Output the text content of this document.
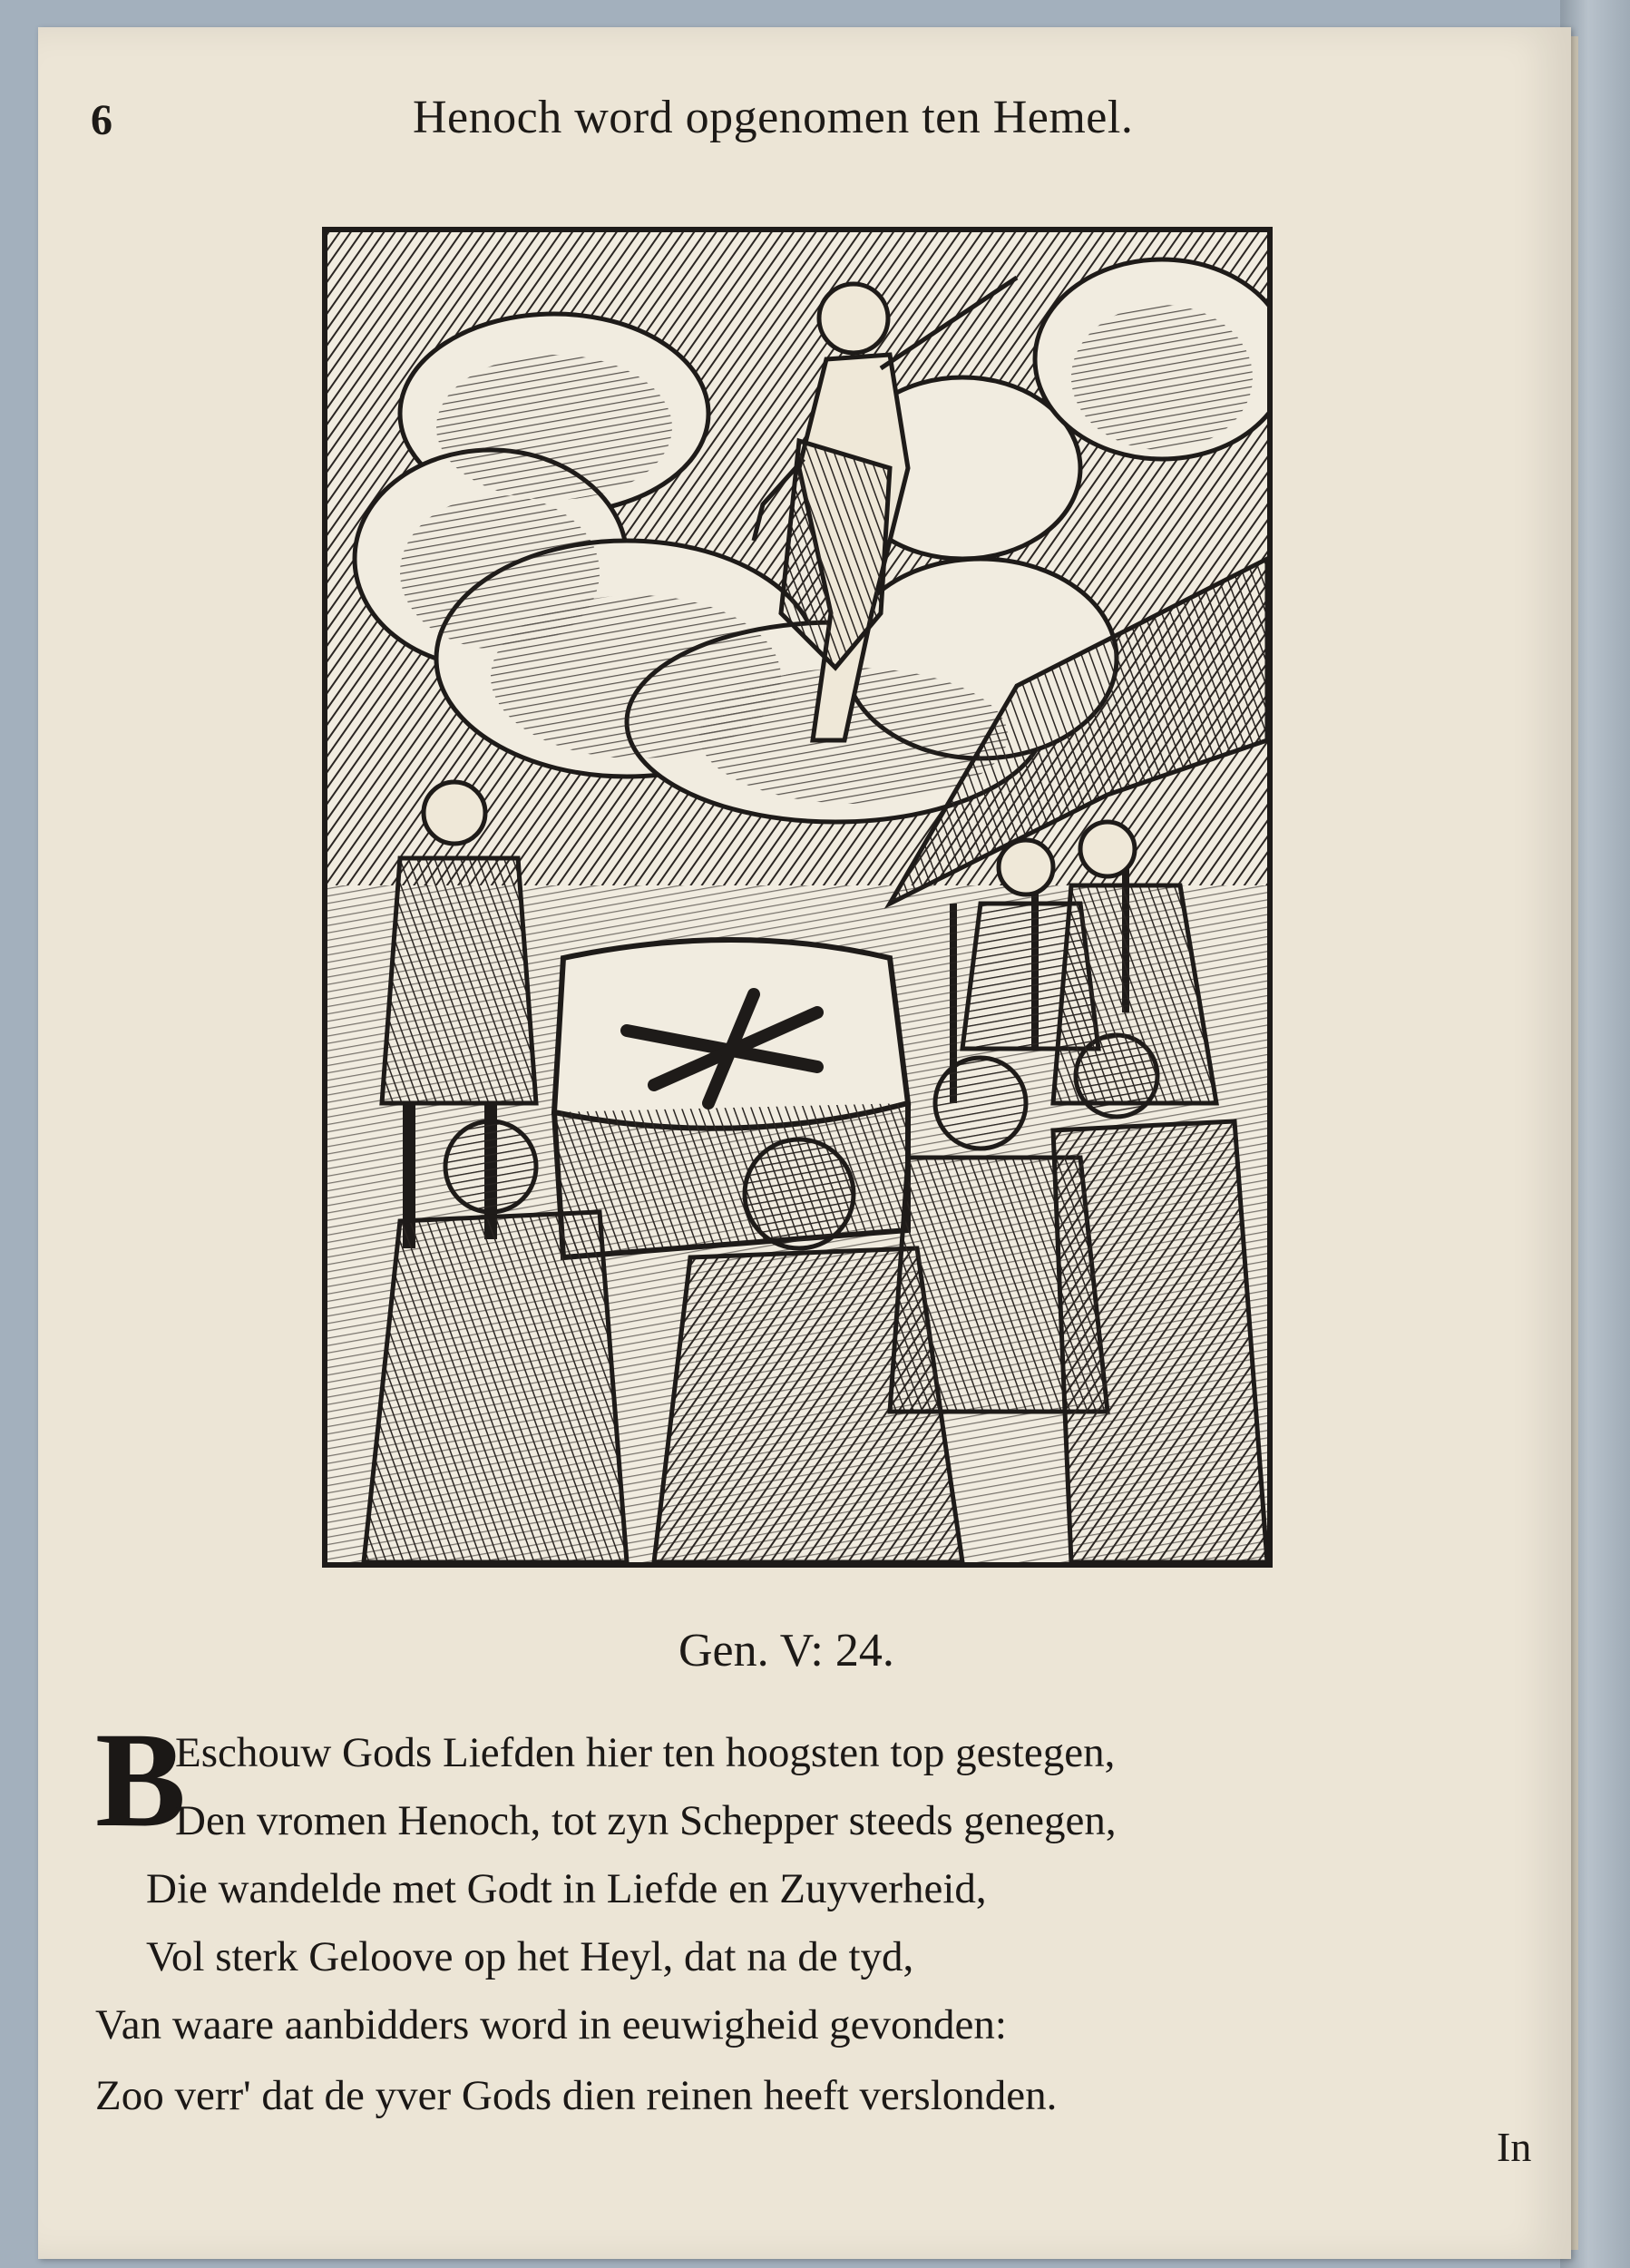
6	Henoch word opgenomen ten Hemel.
Gen. V: 24.
B
Eschouw Gods Liefden hier ten hoogsten top gestegen,
Den vromen Henoch, tot zyn Schepper steeds genegen,
Die wandelde met Godt in Liefde en Zuyverheid,
Vol sterk Geloove op het Heyl, dat na de tyd,
Van waare aanbidders word in eeuwigheid gevonden:
Zoo verr' dat de yver Gods dien reinen heeft verslonden.
In
